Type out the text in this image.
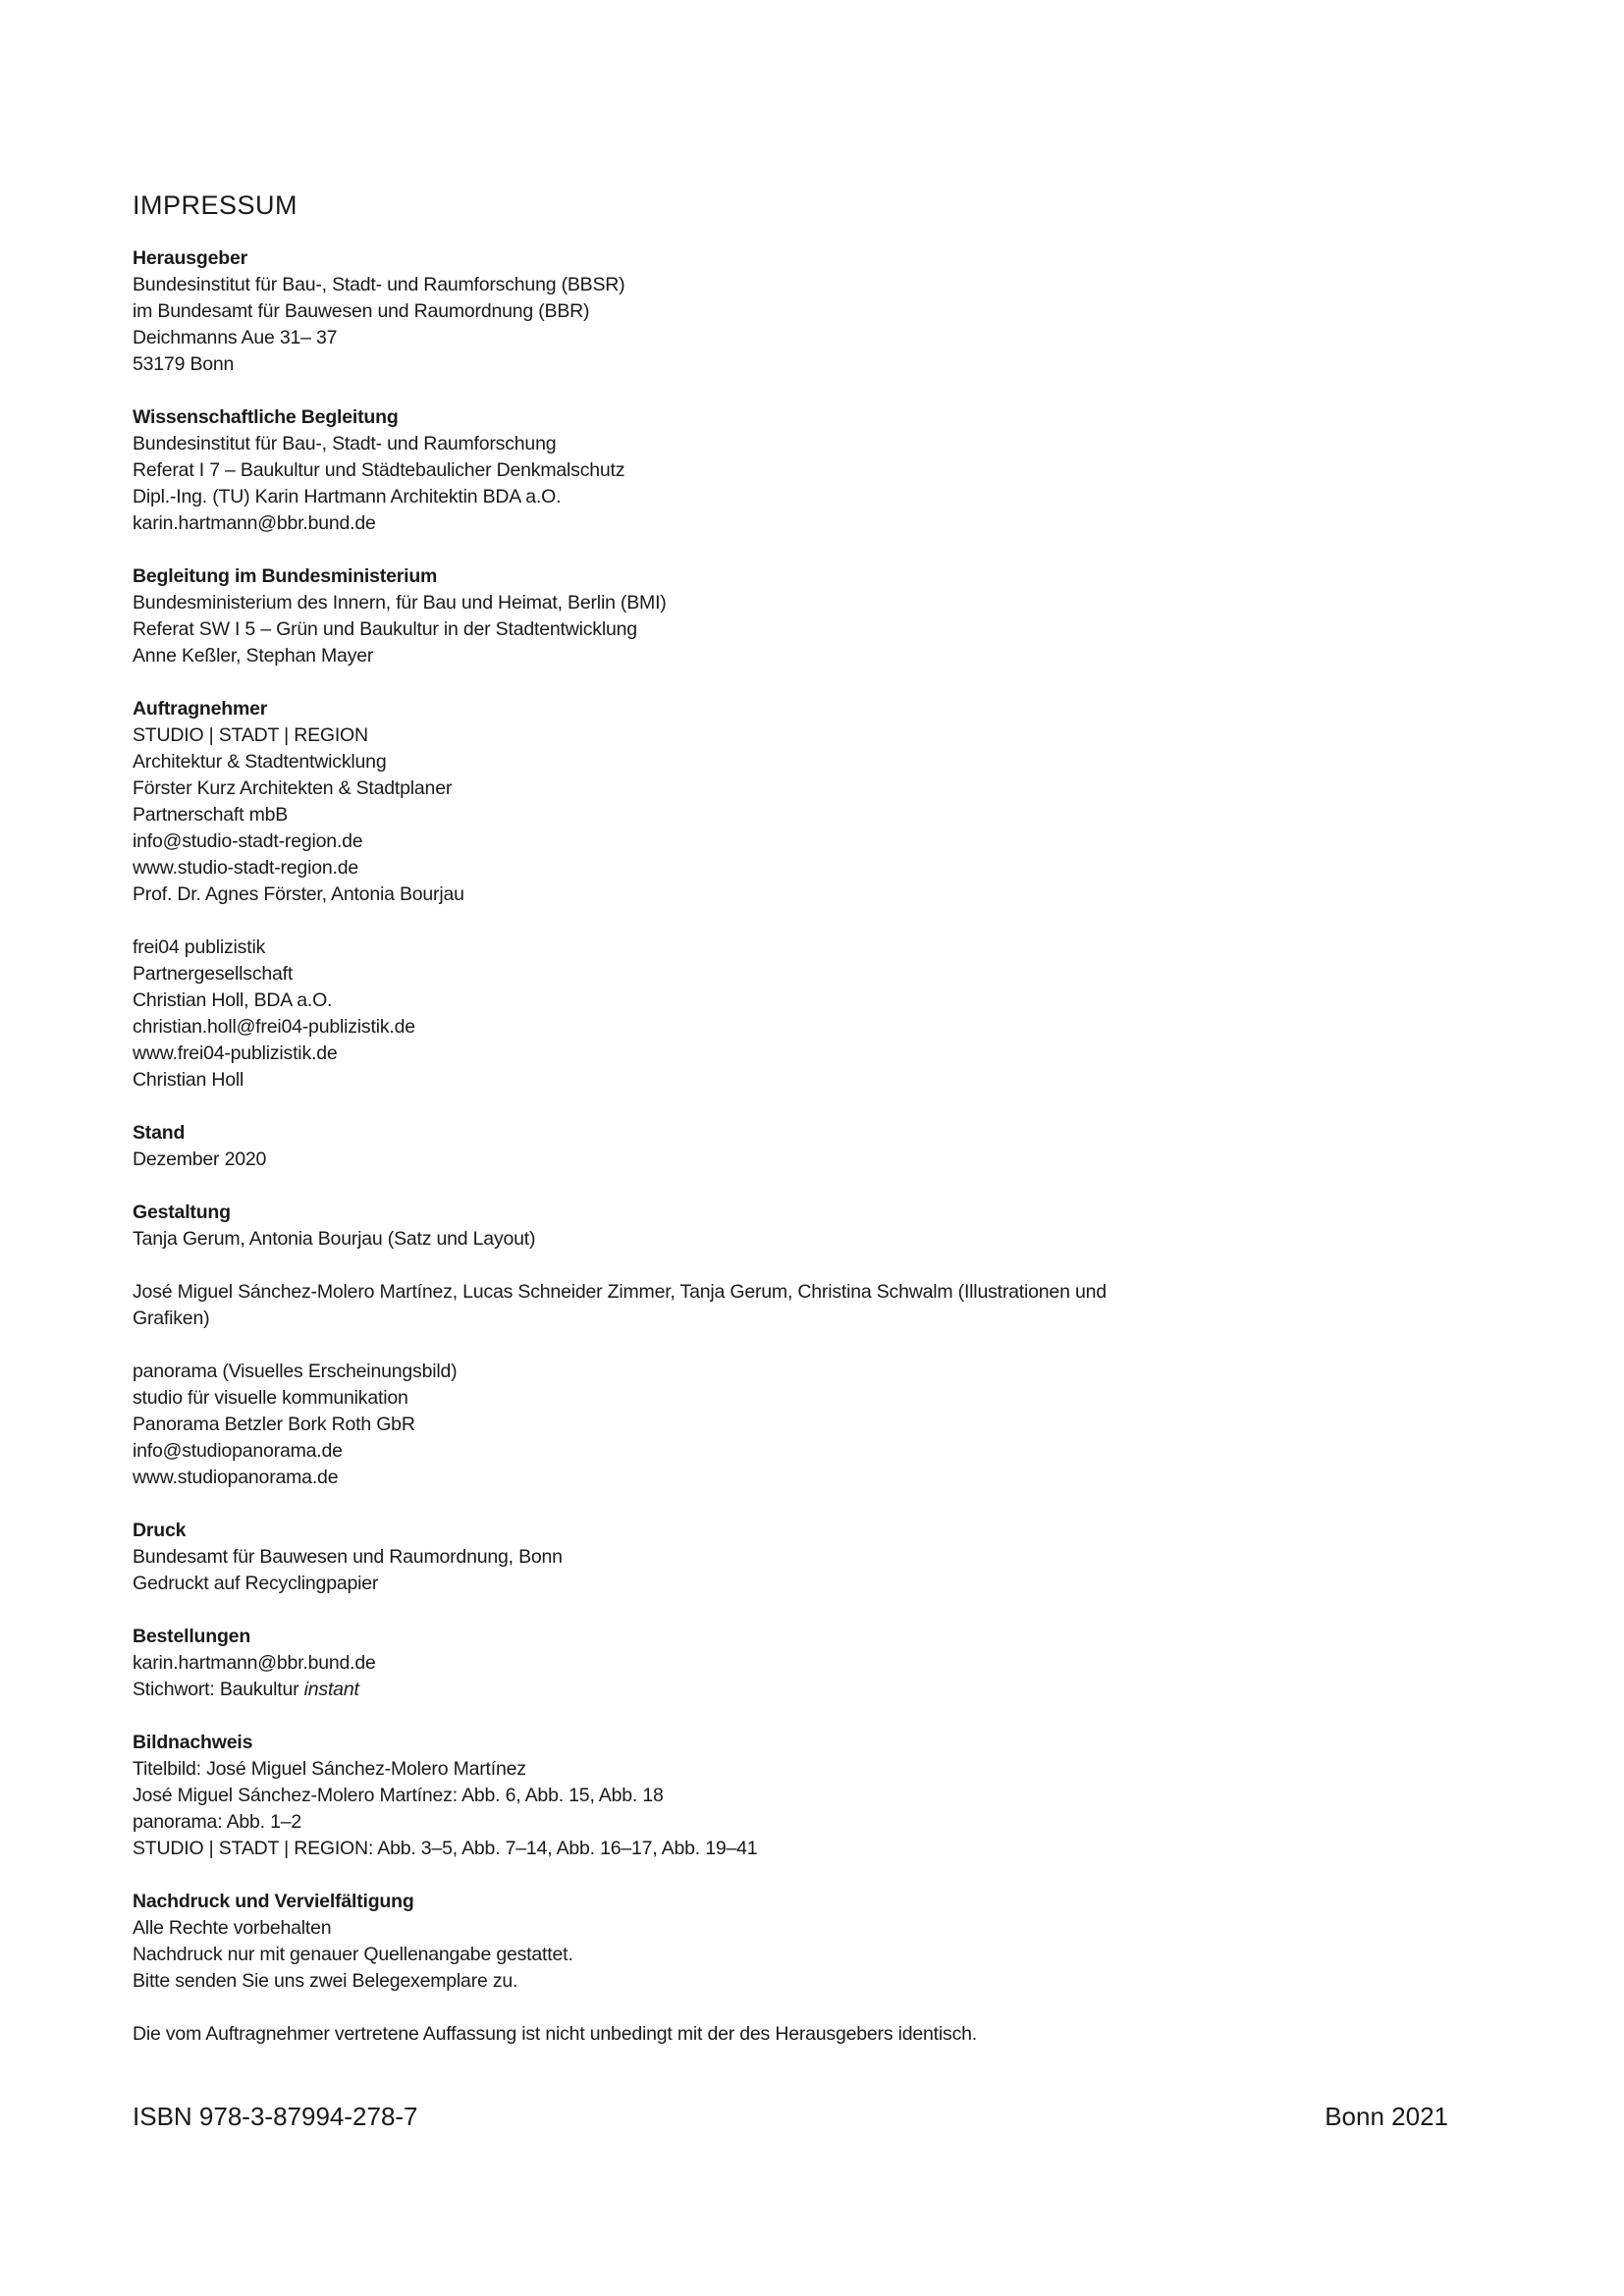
IMPRESSUM
Herausgeber
Bundesinstitut für Bau-, Stadt- und Raumforschung (BBSR)
im Bundesamt für Bauwesen und Raumordnung (BBR)
Deichmanns Aue 31– 37
53179 Bonn
Wissenschaftliche Begleitung
Bundesinstitut für Bau-, Stadt- und Raumforschung
Referat I 7 – Baukultur und Städtebaulicher Denkmalschutz
Dipl.-Ing. (TU) Karin Hartmann Architektin BDA a.O.
karin.hartmann@bbr.bund.de
Begleitung im Bundesministerium
Bundesministerium des Innern, für Bau und Heimat, Berlin (BMI)
Referat SW I 5 – Grün und Baukultur in der Stadtentwicklung
Anne Keßler, Stephan Mayer
Auftragnehmer
STUDIO | STADT | REGION
Architektur & Stadtentwicklung
Förster Kurz Architekten & Stadtplaner
Partnerschaft mbB
info@studio-stadt-region.de
www.studio-stadt-region.de
Prof. Dr. Agnes Förster, Antonia Bourjau
frei04 publizistik
Partnergesellschaft
Christian Holl, BDA a.O.
christian.holl@frei04-publizistik.de
www.frei04-publizistik.de
Christian Holl
Stand
Dezember 2020
Gestaltung
Tanja Gerum, Antonia Bourjau (Satz und Layout)
José Miguel Sánchez-Molero Martínez, Lucas Schneider Zimmer, Tanja Gerum, Christina Schwalm (Illustrationen und Grafiken)
panorama (Visuelles Erscheinungsbild)
studio für visuelle kommunikation
Panorama Betzler Bork Roth GbR
info@studiopanorama.de
www.studiopanorama.de
Druck
Bundesamt für Bauwesen und Raumordnung, Bonn
Gedruckt auf Recyclingpapier
Bestellungen
karin.hartmann@bbr.bund.de
Stichwort: Baukultur instant
Bildnachweis
Titelbild: José Miguel Sánchez-Molero Martínez
José Miguel Sánchez-Molero Martínez: Abb. 6, Abb. 15, Abb. 18
panorama: Abb. 1–2
STUDIO | STADT | REGION: Abb. 3–5, Abb. 7–14, Abb. 16–17, Abb. 19–41
Nachdruck und Vervielfältigung
Alle Rechte vorbehalten
Nachdruck nur mit genauer Quellenangabe gestattet.
Bitte senden Sie uns zwei Belegexemplare zu.
Die vom Auftragnehmer vertretene Auffassung ist nicht unbedingt mit der des Herausgebers identisch.
ISBN 978-3-87994-278-7	Bonn 2021
